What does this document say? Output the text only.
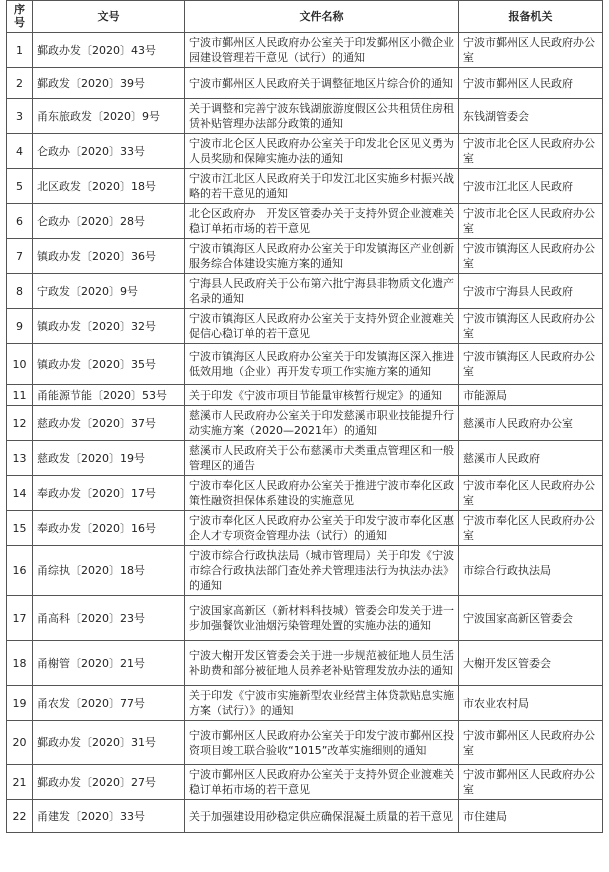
序号	文号	文件名称	报备机关
1	鄞政办发〔2020〕43号	宁波市鄞州区人民政府办公室关于印发鄞州区小微企业园建设管理若干意见（试行）的通知	宁波市鄞州区人民政府办公室
2	鄞政发〔2020〕39号	宁波市鄞州区人民政府关于调整征地区片综合价的通知	宁波市鄞州区人民政府
3	甬东旅政发〔2020〕9号	关于调整和完善宁波东钱湖旅游度假区公共租赁住房租赁补贴管理办法部分政策的通知	东钱湖管委会
4	仑政办〔2020〕33号	宁波市北仑区人民政府办公室关于印发北仑区见义勇为人员奖励和保障实施办法的通知	宁波市北仑区人民政府办公室
5	北区政发〔2020〕18号	宁波市江北区人民政府关于印发江北区实施乡村振兴战略的若干意见的通知	宁波市江北区人民政府
6	仑政办〔2020〕28号	北仑区政府办　开发区管委办关于支持外贸企业渡难关稳订单拓市场的若干意见	宁波市北仑区人民政府办公室
7	镇政办发〔2020〕36号	宁波市镇海区人民政府办公室关于印发镇海区产业创新服务综合体建设实施方案的通知	宁波市镇海区人民政府办公室
8	宁政发〔2020〕9号	宁海县人民政府关于公布第六批宁海县非物质文化遗产名录的通知	宁波市宁海县人民政府
9	镇政办发〔2020〕32号	宁波市镇海区人民政府办公室关于支持外贸企业渡难关促信心稳订单的若干意见	宁波市镇海区人民政府办公室
10	镇政办发〔2020〕35号	宁波市镇海区人民政府办公室关于印发镇海区深入推进低效用地（企业）再开发专项工作实施方案的通知	宁波市镇海区人民政府办公室
11	甬能源节能〔2020〕53号	关于印发《宁波市项目节能量审核暂行规定》的通知	市能源局
12	慈政办发〔2020〕37号	慈溪市人民政府办公室关于印发慈溪市职业技能提升行动实施方案（2020—2021年）的通知	慈溪市人民政府办公室
13	慈政发〔2020〕19号	慈溪市人民政府关于公布慈溪市犬类重点管理区和一般管理区的通告	慈溪市人民政府
14	奉政办发〔2020〕17号	宁波市奉化区人民政府办公室关于推进宁波市奉化区政策性融资担保体系建设的实施意见	宁波市奉化区人民政府办公室
15	奉政办发〔2020〕16号	宁波市奉化区人民政府办公室关于印发宁波市奉化区惠企人才专项资金管理办法（试行）的通知	宁波市奉化区人民政府办公室
16	甬综执〔2020〕18号	宁波市综合行政执法局（城市管理局）关于印发《宁波市综合行政执法部门查处养犬管理违法行为执法办法》的通知	市综合行政执法局
17	甬高科〔2020〕23号	宁波国家高新区（新材料科技城）管委会印发关于进一步加强餐饮业油烟污染管理处置的实施办法的通知	宁波国家高新区管委会
18	甬榭管〔2020〕21号	宁波大榭开发区管委会关于进一步规范被征地人员生活补助费和部分被征地人员养老补贴管理发放办法的通知	大榭开发区管委会
19	甬农发〔2020〕77号	关于印发《宁波市实施新型农业经营主体贷款贴息实施方案（试行）》的通知	市农业农村局
20	鄞政办发〔2020〕31号	宁波市鄞州区人民政府办公室关于印发宁波市鄞州区投资项目竣工联合验收“1015”改革实施细则的通知	宁波市鄞州区人民政府办公室
21	鄞政办发〔2020〕27号	宁波市鄞州区人民政府办公室关于支持外贸企业渡难关稳订单拓市场的若干意见	宁波市鄞州区人民政府办公室
22	甬建发〔2020〕33号	关于加强建设用砂稳定供应确保混凝土质量的若干意见	市住建局
